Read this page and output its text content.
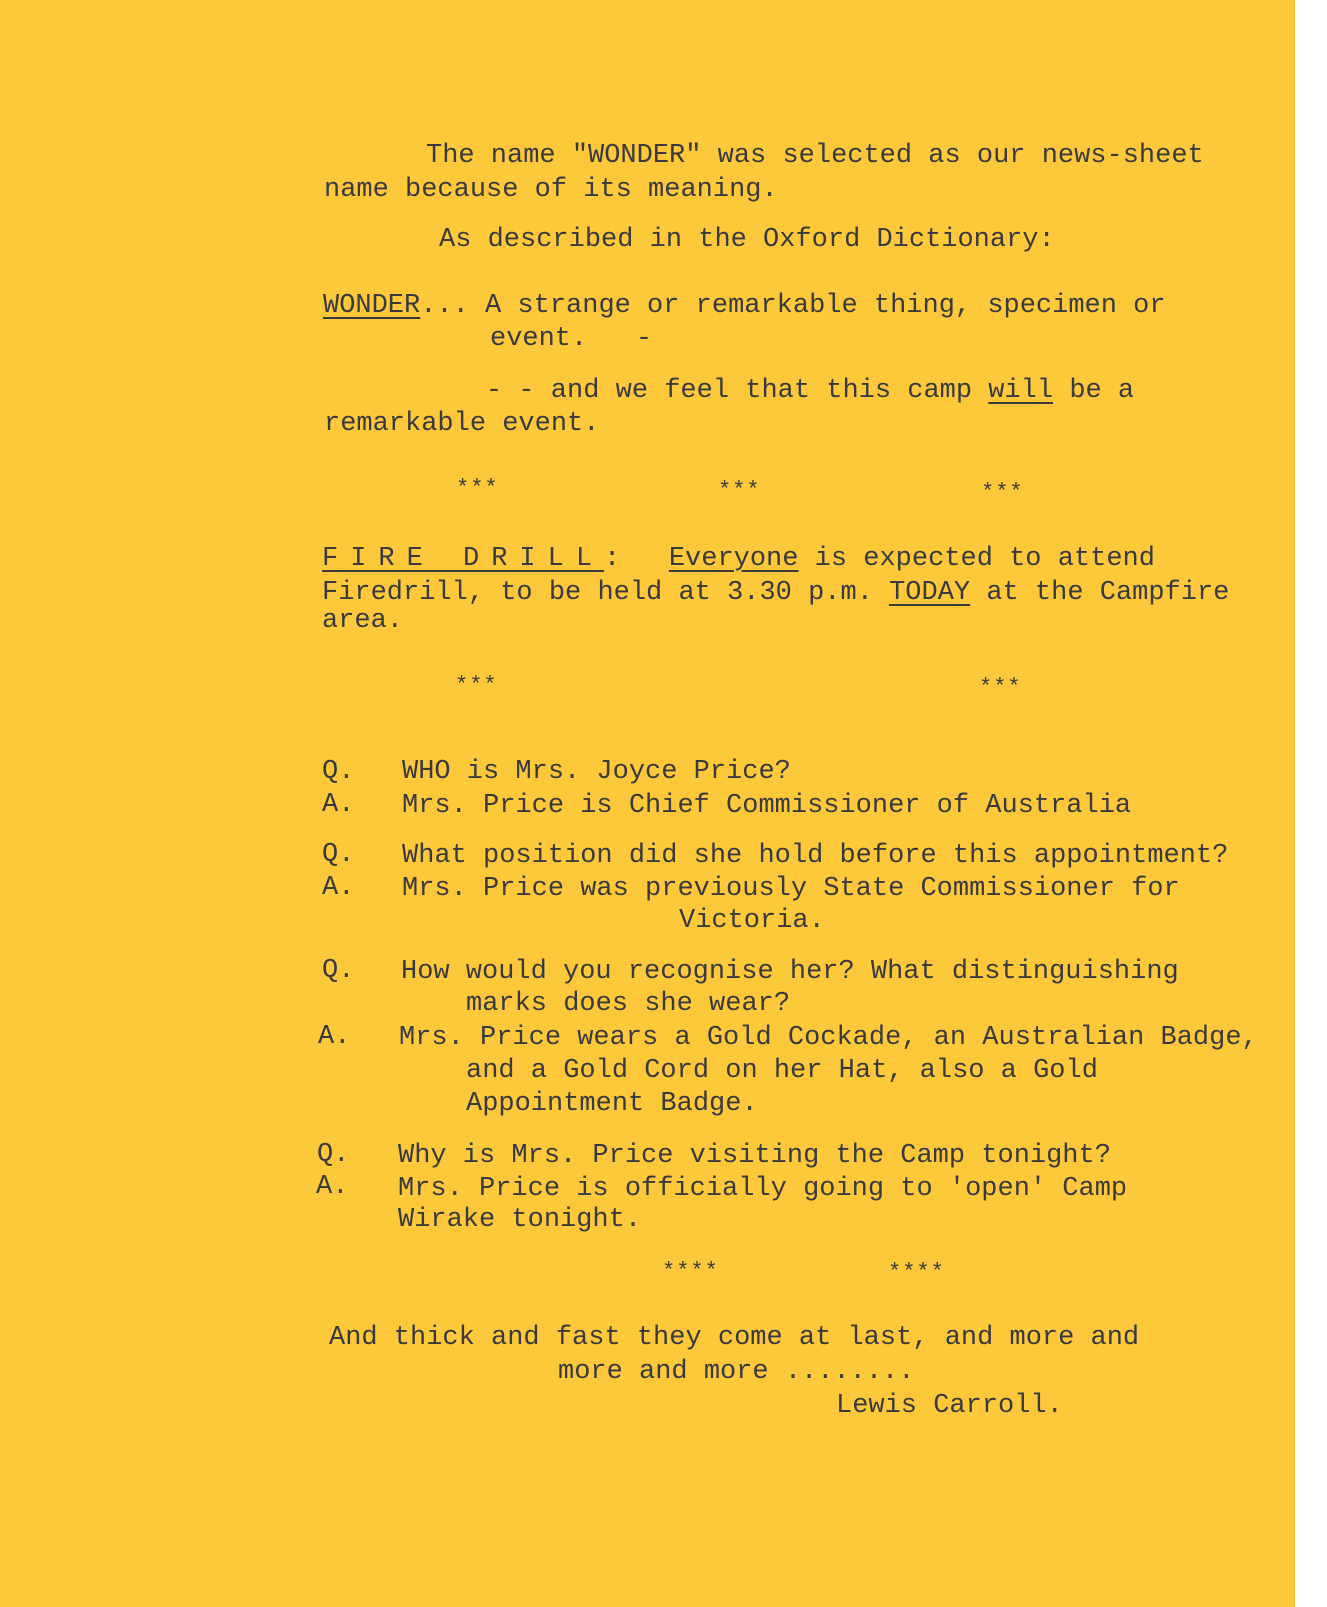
The name "WONDER" was selected as our news-sheet
name because of its meaning.
As described in the Oxford Dictionary:
WONDER... A strange or remarkable thing, specimen or
event. -
- - and we feel that this camp will be a
remarkable event.
***	***	***
FIRE DRILL: Everyone is expected to attend
Firedrill, to be held at 3.30 p.m. TODAY at the Campfire
area.
***	***
Q. WHO is Mrs. Joyce Price?
A. Mrs. Price is Chief Commissioner of Australia
Q. What position did she hold before this appointment?
A. Mrs. Price was previously State Commissioner for
Victoria.
Q. How would you recognise her? What distinguishing
marks does she wear?
A. Mrs. Price wears a Gold Cockade, an Australian Badge,
and a Gold Cord on her Hat, also a Gold
Appointment Badge.
Q. Why is Mrs. Price visiting the Camp tonight?
A. Mrs. Price is officially going to 'open' Camp
Wirake tonight.
****	****
And thick and fast they come at last, and more and
more and more ........
Lewis Carroll.
